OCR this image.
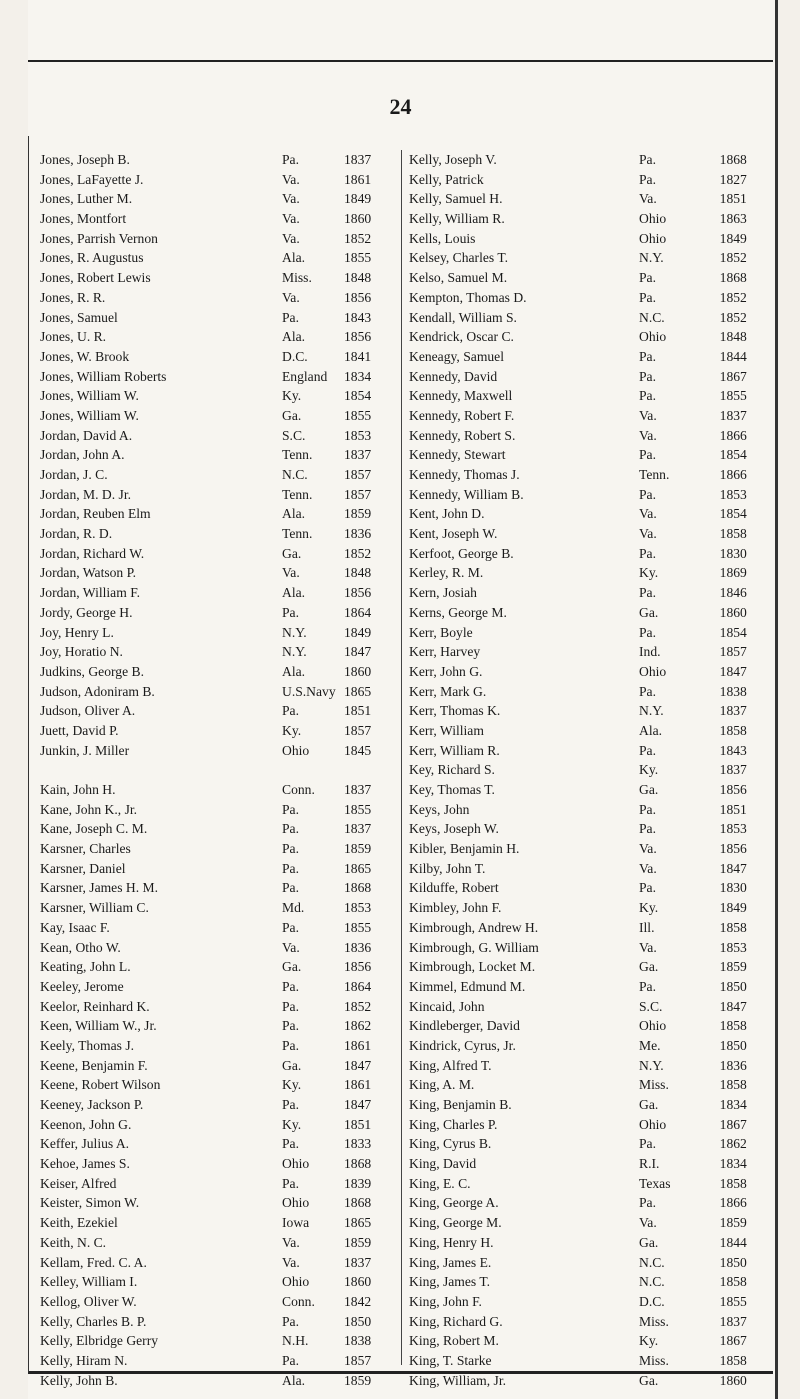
24
Jones, Joseph B.	Pa.	1837
Jones, LaFayette J.	Va.	1861
Jones, Luther M.	Va.	1849
Jones, Montfort	Va.	1860
Jones, Parrish Vernon	Va.	1852
Jones, R. Augustus	Ala.	1855
Jones, Robert Lewis	Miss.	1848
Jones, R. R.	Va.	1856
Jones, Samuel	Pa.	1843
Jones, U. R.	Ala.	1856
Jones, W. Brook	D.C.	1841
Jones, William Roberts	England	1834
Jones, William W.	Ky.	1854
Jones, William W.	Ga.	1855
Jordan, David A.	S.C.	1853
Jordan, John A.	Tenn.	1837
Jordan, J. C.	N.C.	1857
Jordan, M. D. Jr.	Tenn.	1857
Jordan, Reuben Elm	Ala.	1859
Jordan, R. D.	Tenn.	1836
Jordan, Richard W.	Ga.	1852
Jordan, Watson P.	Va.	1848
Jordan, William F.	Ala.	1856
Jordy, George H.	Pa.	1864
Joy, Henry L.	N.Y.	1849
Joy, Horatio N.	N.Y.	1847
Judkins, George B.	Ala.	1860
Judson, Adoniram B.	U.S.Navy 1865
Judson, Oliver A.	Pa.	1851
Juett, David P.	Ky.	1857
Junkin, J. Miller	Ohio	1845
Kain, John H.	Conn.	1837
Kane, John K., Jr.	Pa.	1855
Kane, Joseph C. M.	Pa.	1837
Karsner, Charles	Pa.	1859
Karsner, Daniel	Pa.	1865
Karsner, James H. M.	Pa.	1868
Karsner, William C.	Md.	1853
Kay, Isaac F.	Pa.	1855
Kean, Otho W.	Va.	1836
Keating, John L.	Ga.	1856
Keeley, Jerome	Pa.	1864
Keelor, Reinhard K.	Pa.	1852
Keen, William W., Jr.	Pa.	1862
Keely, Thomas J.	Pa.	1861
Keene, Benjamin F.	Ga.	1847
Keene, Robert Wilson	Ky.	1861
Keeney, Jackson P.	Pa.	1847
Keenon, John G.	Ky.	1851
Keffer, Julius A.	Pa.	1833
Kehoe, James S.	Ohio	1868
Keiser, Alfred	Pa.	1839
Keister, Simon W.	Ohio	1868
Keith, Ezekiel	Iowa	1865
Keith, N. C.	Va.	1859
Kellam, Fred. C. A.	Va.	1837
Kelley, William I.	Ohio	1860
Kellog, Oliver W.	Conn.	1842
Kelly, Charles B. P.	Pa.	1850
Kelly, Elbridge Gerry	N.H.	1838
Kelly, Hiram N.	Pa.	1857
Kelly, John B.	Ala.	1859
Kelly, Joseph V.	Pa.	1868
Kelly, Patrick	Pa.	1827
Kelly, Samuel H.	Va.	1851
Kelly, William R.	Ohio	1863
Kells, Louis	Ohio	1849
Kelsey, Charles T.	N.Y.	1852
Kelso, Samuel M.	Pa.	1868
Kempton, Thomas D.	Pa.	1852
Kendall, William S.	N.C.	1852
Kendrick, Oscar C.	Ohio	1848
Keneagy, Samuel	Pa.	1844
Kennedy, David	Pa.	1867
Kennedy, Maxwell	Pa.	1855
Kennedy, Robert F.	Va.	1837
Kennedy, Robert S.	Va.	1866
Kennedy, Stewart	Pa.	1854
Kennedy, Thomas J.	Tenn.	1866
Kennedy, William B.	Pa.	1853
Kent, John D.	Va.	1854
Kent, Joseph W.	Va.	1858
Kerfoot, George B.	Pa.	1830
Kerley, R. M.	Ky.	1869
Kern, Josiah	Pa.	1846
Kerns, George M.	Ga.	1860
Kerr, Boyle	Pa.	1854
Kerr, Harvey	Ind.	1857
Kerr, John G.	Ohio	1847
Kerr, Mark G.	Pa.	1838
Kerr, Thomas K.	N.Y.	1837
Kerr, William	Ala.	1858
Kerr, William R.	Pa.	1843
Key, Richard S.	Ky.	1837
Key, Thomas T.	Ga.	1856
Keys, John	Pa.	1851
Keys, Joseph W.	Pa.	1853
Kibler, Benjamin H.	Va.	1856
Kilby, John T.	Va.	1847
Kilduffe, Robert	Pa.	1830
Kimbley, John F.	Ky.	1849
Kimbrough, Andrew H.	Ill.	1858
Kimbrough, G. William	Va.	1853
Kimbrough, Locket M.	Ga.	1859
Kimmel, Edmund M.	Pa.	1850
Kincaid, John	S.C.	1847
Kindleberger, David	Ohio	1858
Kindrick, Cyrus, Jr.	Me.	1850
King, Alfred T.	N.Y.	1836
King, A. M.	Miss.	1858
King, Benjamin B.	Ga.	1834
King, Charles P.	Ohio	1867
King, Cyrus B.	Pa.	1862
King, David	R.I.	1834
King, E. C.	Texas	1858
King, George A.	Pa.	1866
King, George M.	Va.	1859
King, Henry H.	Ga.	1844
King, James E.	N.C.	1850
King, James T.	N.C.	1858
King, John F.	D.C.	1855
King, Richard G.	Miss.	1837
King, Robert M.	Ky.	1867
King, T. Starke	Miss.	1858
King, William, Jr.	Ga.	1860
